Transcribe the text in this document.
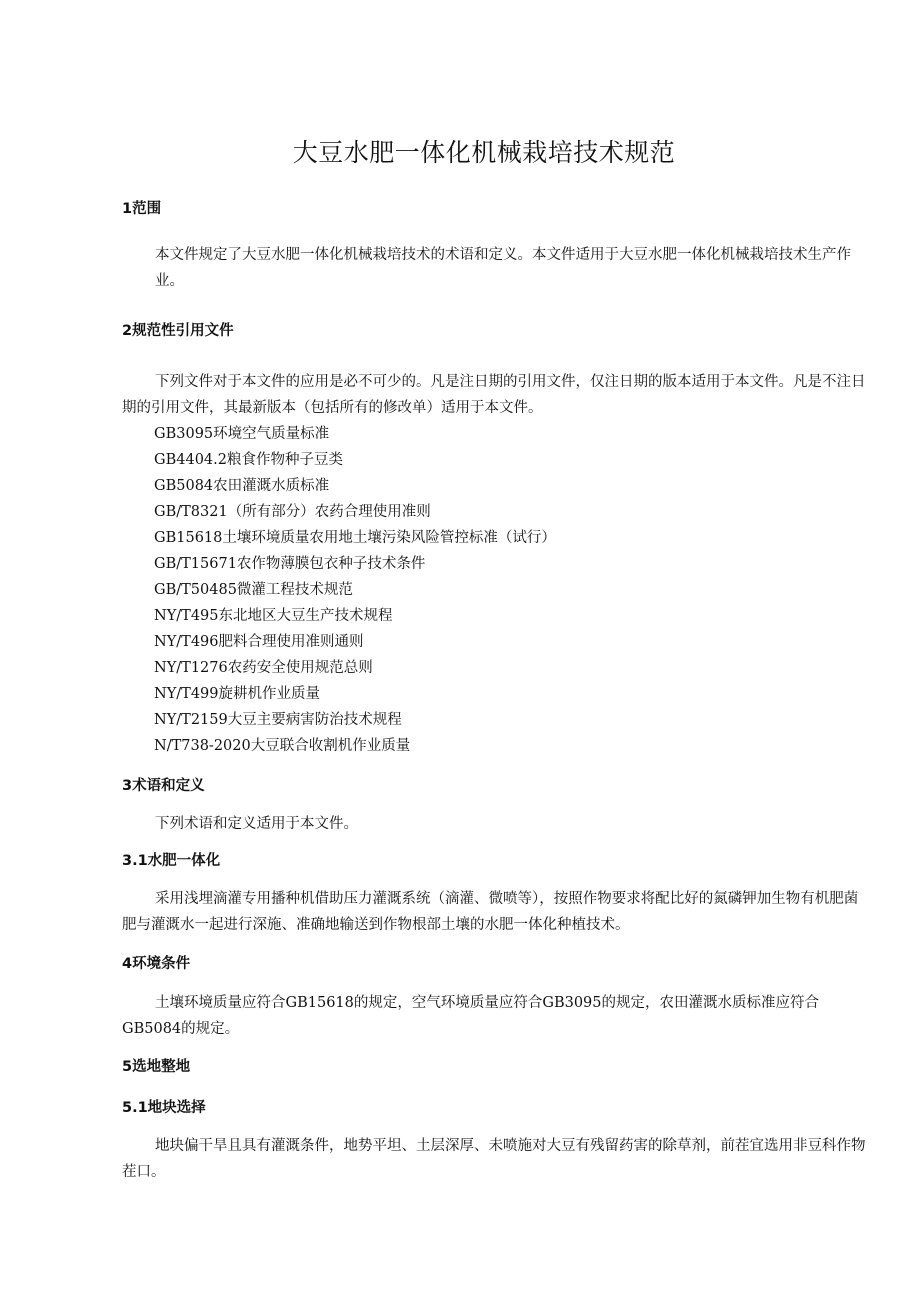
大豆水肥一体化机械栽培技术规范
1范围

本文件规定了大豆水肥一体化机械栽培技术的术语和定义。本文件适用于大豆水肥一体化机械栽培技术生产作业。

2规范性引用文件

下列文件对于本文件的应用是必不可少的。凡是注日期的引用文件，仅注日期的版本适用于本文件。凡是不注日期的引用文件，其最新版本（包括所有的修改单）适用于本文件。

GB3095环境空气质量标准
GB4404.2粮食作物种子豆类
GB5084农田灌溉水质标准
GB/T8321（所有部分）农药合理使用准则
GB15618土壤环境质量农用地土壤污染风险管控标准（试行）
GB/T15671农作物薄膜包衣种子技术条件
GB/T50485微灌工程技术规范
NY/T495东北地区大豆生产技术规程
NY/T496肥料合理使用准则通则
NY/T1276农药安全使用规范总则
NY/T499旋耕机作业质量
NY/T2159大豆主要病害防治技术规程
N/T738-2020大豆联合收割机作业质量
3术语和定义

下列术语和定义适用于本文件。

3.1水肥一体化

采用浅埋滴灌专用播种机借助压力灌溉系统（滴灌、微喷等），按照作物要求将配比好的氮磷钾加生物有机肥菌肥与灌溉水一起进行深施、准确地输送到作物根部土壤的水肥一体化种植技术。

4环境条件

土壤环境质量应符合GB15618的规定，空气环境质量应符合GB3095的规定，农田灌溉水质标准应符合GB5084的规定。

5选地整地
5.1地块选择

地块偏干旱且具有灌溉条件，地势平坦、土层深厚、未喷施对大豆有残留药害的除草剂，前茬宜选用非豆科作物茬口。
